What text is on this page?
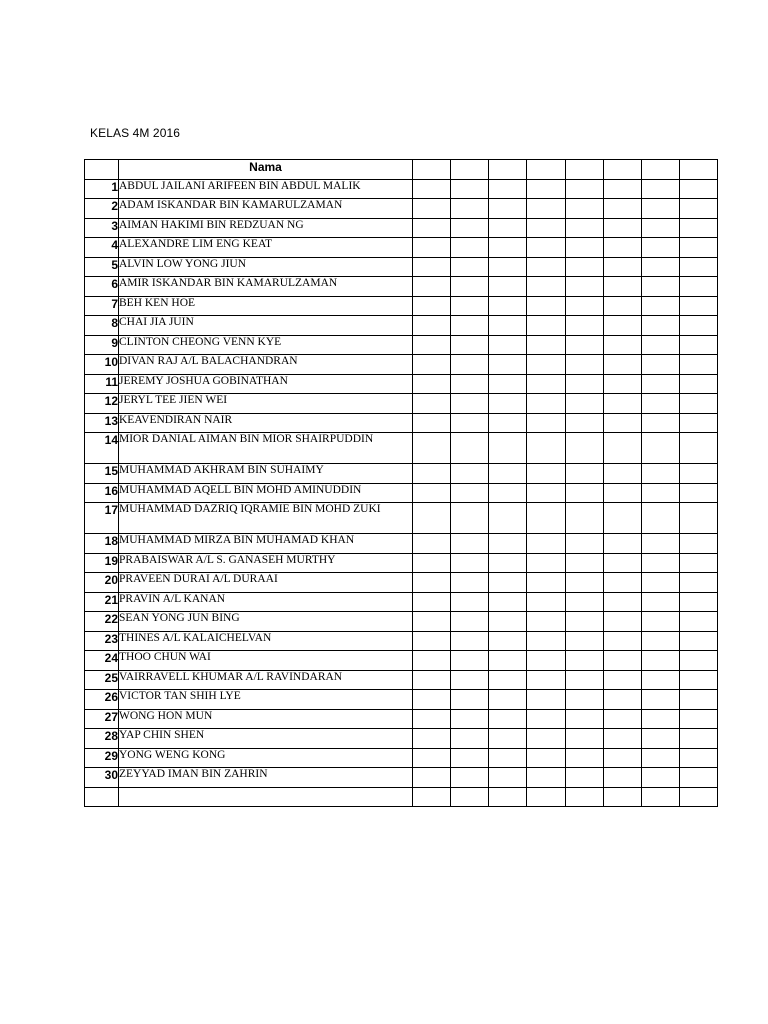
KELAS 4M 2016
	Nama								
1	ABDUL JAILANI ARIFEEN BIN ABDUL MALIK								
2	ADAM ISKANDAR BIN KAMARULZAMAN								
3	AIMAN HAKIMI BIN REDZUAN NG								
4	ALEXANDRE LIM ENG KEAT								
5	ALVIN LOW YONG JIUN								
6	AMIR ISKANDAR BIN KAMARULZAMAN								
7	BEH KEN HOE								
8	CHAI JIA JUIN								
9	CLINTON CHEONG VENN KYE								
10	DIVAN RAJ A/L BALACHANDRAN								
11	JEREMY JOSHUA GOBINATHAN								
12	JERYL TEE JIEN WEI								
13	KEAVENDIRAN NAIR								
14	MIOR DANIAL AIMAN BIN MIOR SHAIRPUDDIN								
15	MUHAMMAD AKHRAM BIN SUHAIMY								
16	MUHAMMAD AQELL BIN MOHD AMINUDDIN								
17	MUHAMMAD DAZRIQ IQRAMIE BIN MOHD ZUKI								
18	MUHAMMAD MIRZA BIN MUHAMAD KHAN								
19	PRABAISWAR A/L S. GANASEH MURTHY								
20	PRAVEEN DURAI A/L DURAAI								
21	PRAVIN A/L KANAN								
22	SEAN YONG JUN BING								
23	THINES A/L KALAICHELVAN								
24	THOO CHUN WAI								
25	VAIRRAVELL KHUMAR A/L RAVINDARAN								
26	VICTOR TAN SHIH LYE								
27	WONG HON MUN								
28	YAP CHIN SHEN								
29	YONG WENG KONG								
30	ZEYYAD IMAN BIN ZAHRIN								
